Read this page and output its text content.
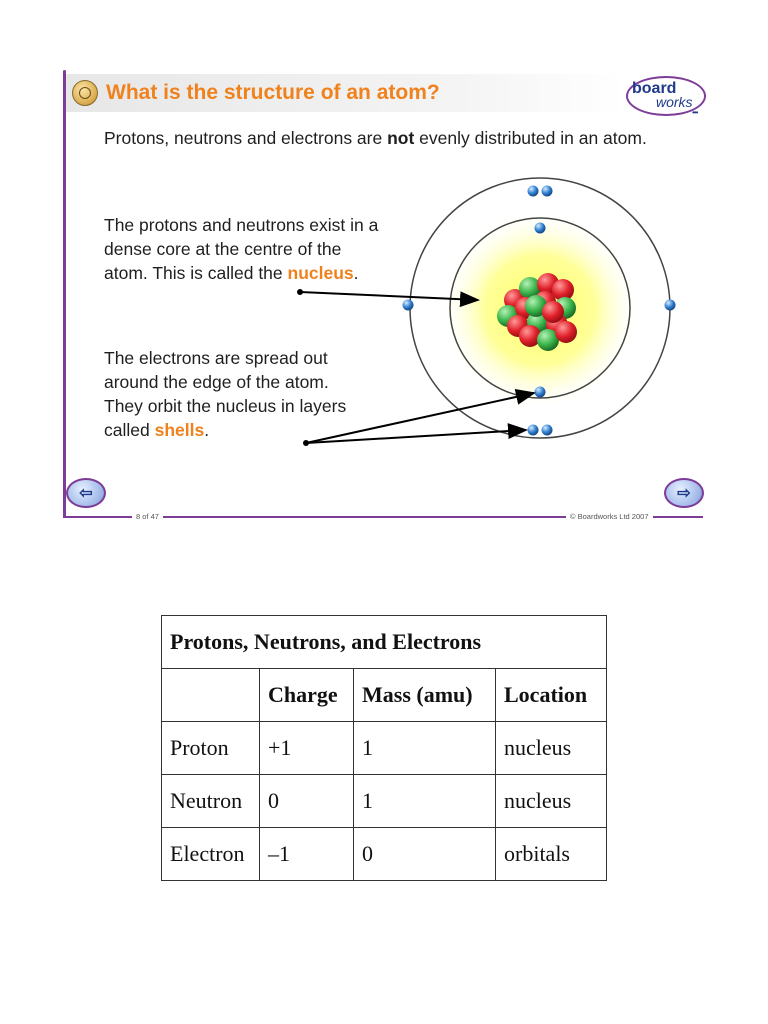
What is the structure of an atom?	board
works
•••
Protons, neutrons and electrons are not evenly distributed in an atom.
The protons and neutrons exist in a dense core at the centre of the atom. This is called the nucleus.
The electrons are spread out around the edge of the atom. They orbit the nucleus in layers called shells.
⇦	⇨
8 of 47	© Boardworks Ltd 2007
Protons, Neutrons, and Electrons			
	Charge	Mass (amu)	Location
Proton	+1	1	nucleus
Neutron	0	1	nucleus
Electron	–1	0	orbitals
